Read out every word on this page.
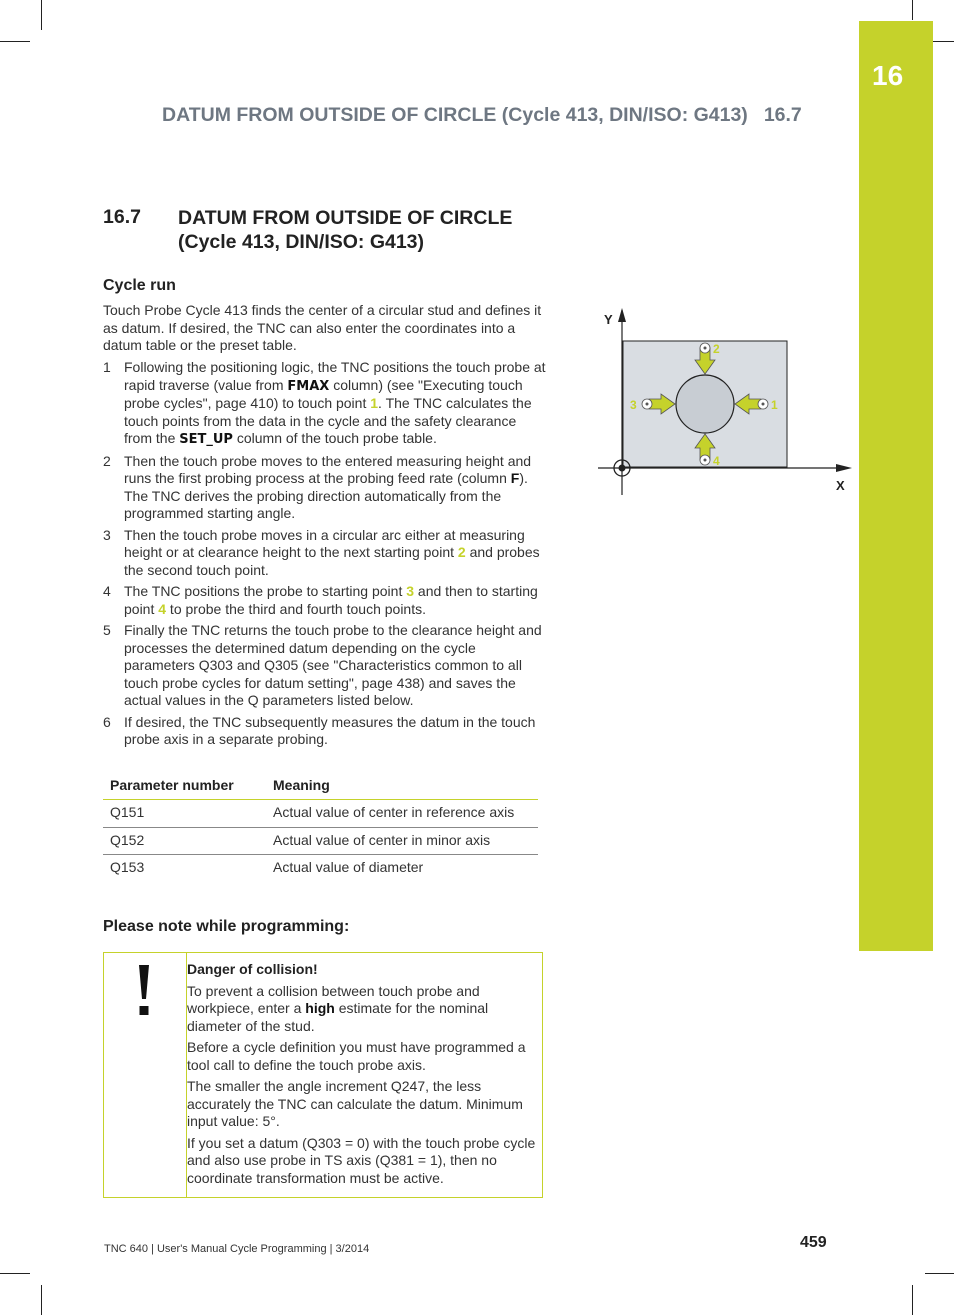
16
DATUM FROM OUTSIDE OF CIRCLE (Cycle 413, DIN/ISO: G413) 16.7
16.7 DATUM FROM OUTSIDE OF CIRCLE
(Cycle 413, DIN/ISO: G413)
Cycle run
Touch Probe Cycle 413 finds the center of a circular stud and defines it as datum. If desired, the TNC can also enter the coordinates into a datum table or the preset table.
1 Following the positioning logic, the TNC positions the touch probe at rapid traverse (value from FMAX column) (see "Executing touch probe cycles", page 410) to touch point 1. The TNC calculates the touch points from the data in the cycle and the safety clearance from the SET_UP column of the touch probe table.
2 Then the touch probe moves to the entered measuring height and runs the first probing process at the probing feed rate (column F). The TNC derives the probing direction automatically from the programmed starting angle.
3 Then the touch probe moves in a circular arc either at measuring height or at clearance height to the next starting point 2 and probes the second touch point.
4 The TNC positions the probe to starting point 3 and then to starting point 4 to probe the third and fourth touch points.
5 Finally the TNC returns the touch probe to the clearance height and processes the determined datum depending on the cycle parameters Q303 and Q305 (see "Characteristics common to all touch probe cycles for datum setting", page 438) and saves the actual values in the Q parameters listed below.
6 If desired, the TNC subsequently measures the datum in the touch probe axis in a separate probing.
Parameter number	Meaning
Q151	Actual value of center in reference axis
Q152	Actual value of center in minor axis
Q153	Actual value of diameter
Please note while programming:

Danger of collision!

To prevent a collision between touch probe and workpiece, enter a high estimate for the nominal diameter of the stud.

Before a cycle definition you must have programmed a tool call to define the touch probe axis.

The smaller the angle increment Q247, the less accurately the TNC can calculate the datum. Minimum input value: 5°.

If you set a datum (Q303 = 0) with the touch probe cycle and also use probe in TS axis (Q381 = 1), then no coordinate transformation must be active.

Y
X
1
2
3
4
TNC 640 | User's Manual Cycle Programming | 3/2014	459
